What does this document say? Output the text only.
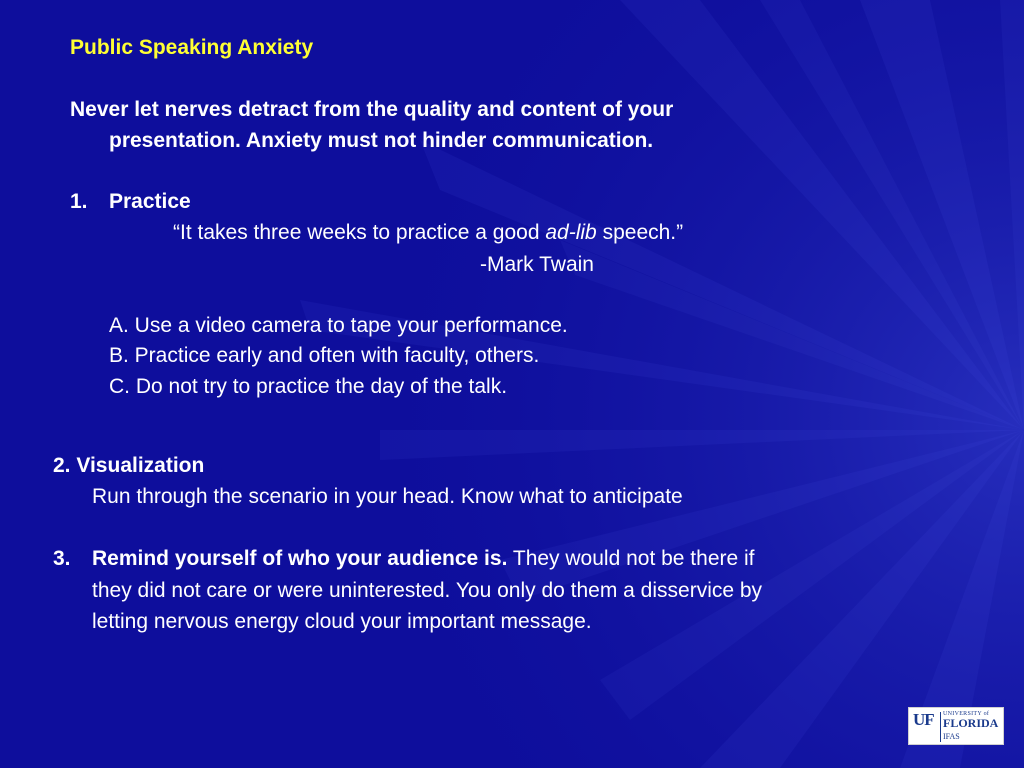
Public Speaking Anxiety
Never let nerves detract from the quality and content of your
presentation. Anxiety must not hinder communication.
1. Practice
“It takes three weeks to practice a good ad-lib speech.”
-Mark Twain
A. Use a video camera to tape your performance.
B. Practice early and often with faculty, others.
C. Do not try to practice the day of the talk.
2. Visualization
Run through the scenario in your head. Know what to anticipate
3. Remind yourself of who your audience is. They would not be there if
they did not care or were uninterested. You only do them a disservice by
letting nervous energy cloud your important message.
UF UNIVERSITY of
FLORIDA
IFAS
